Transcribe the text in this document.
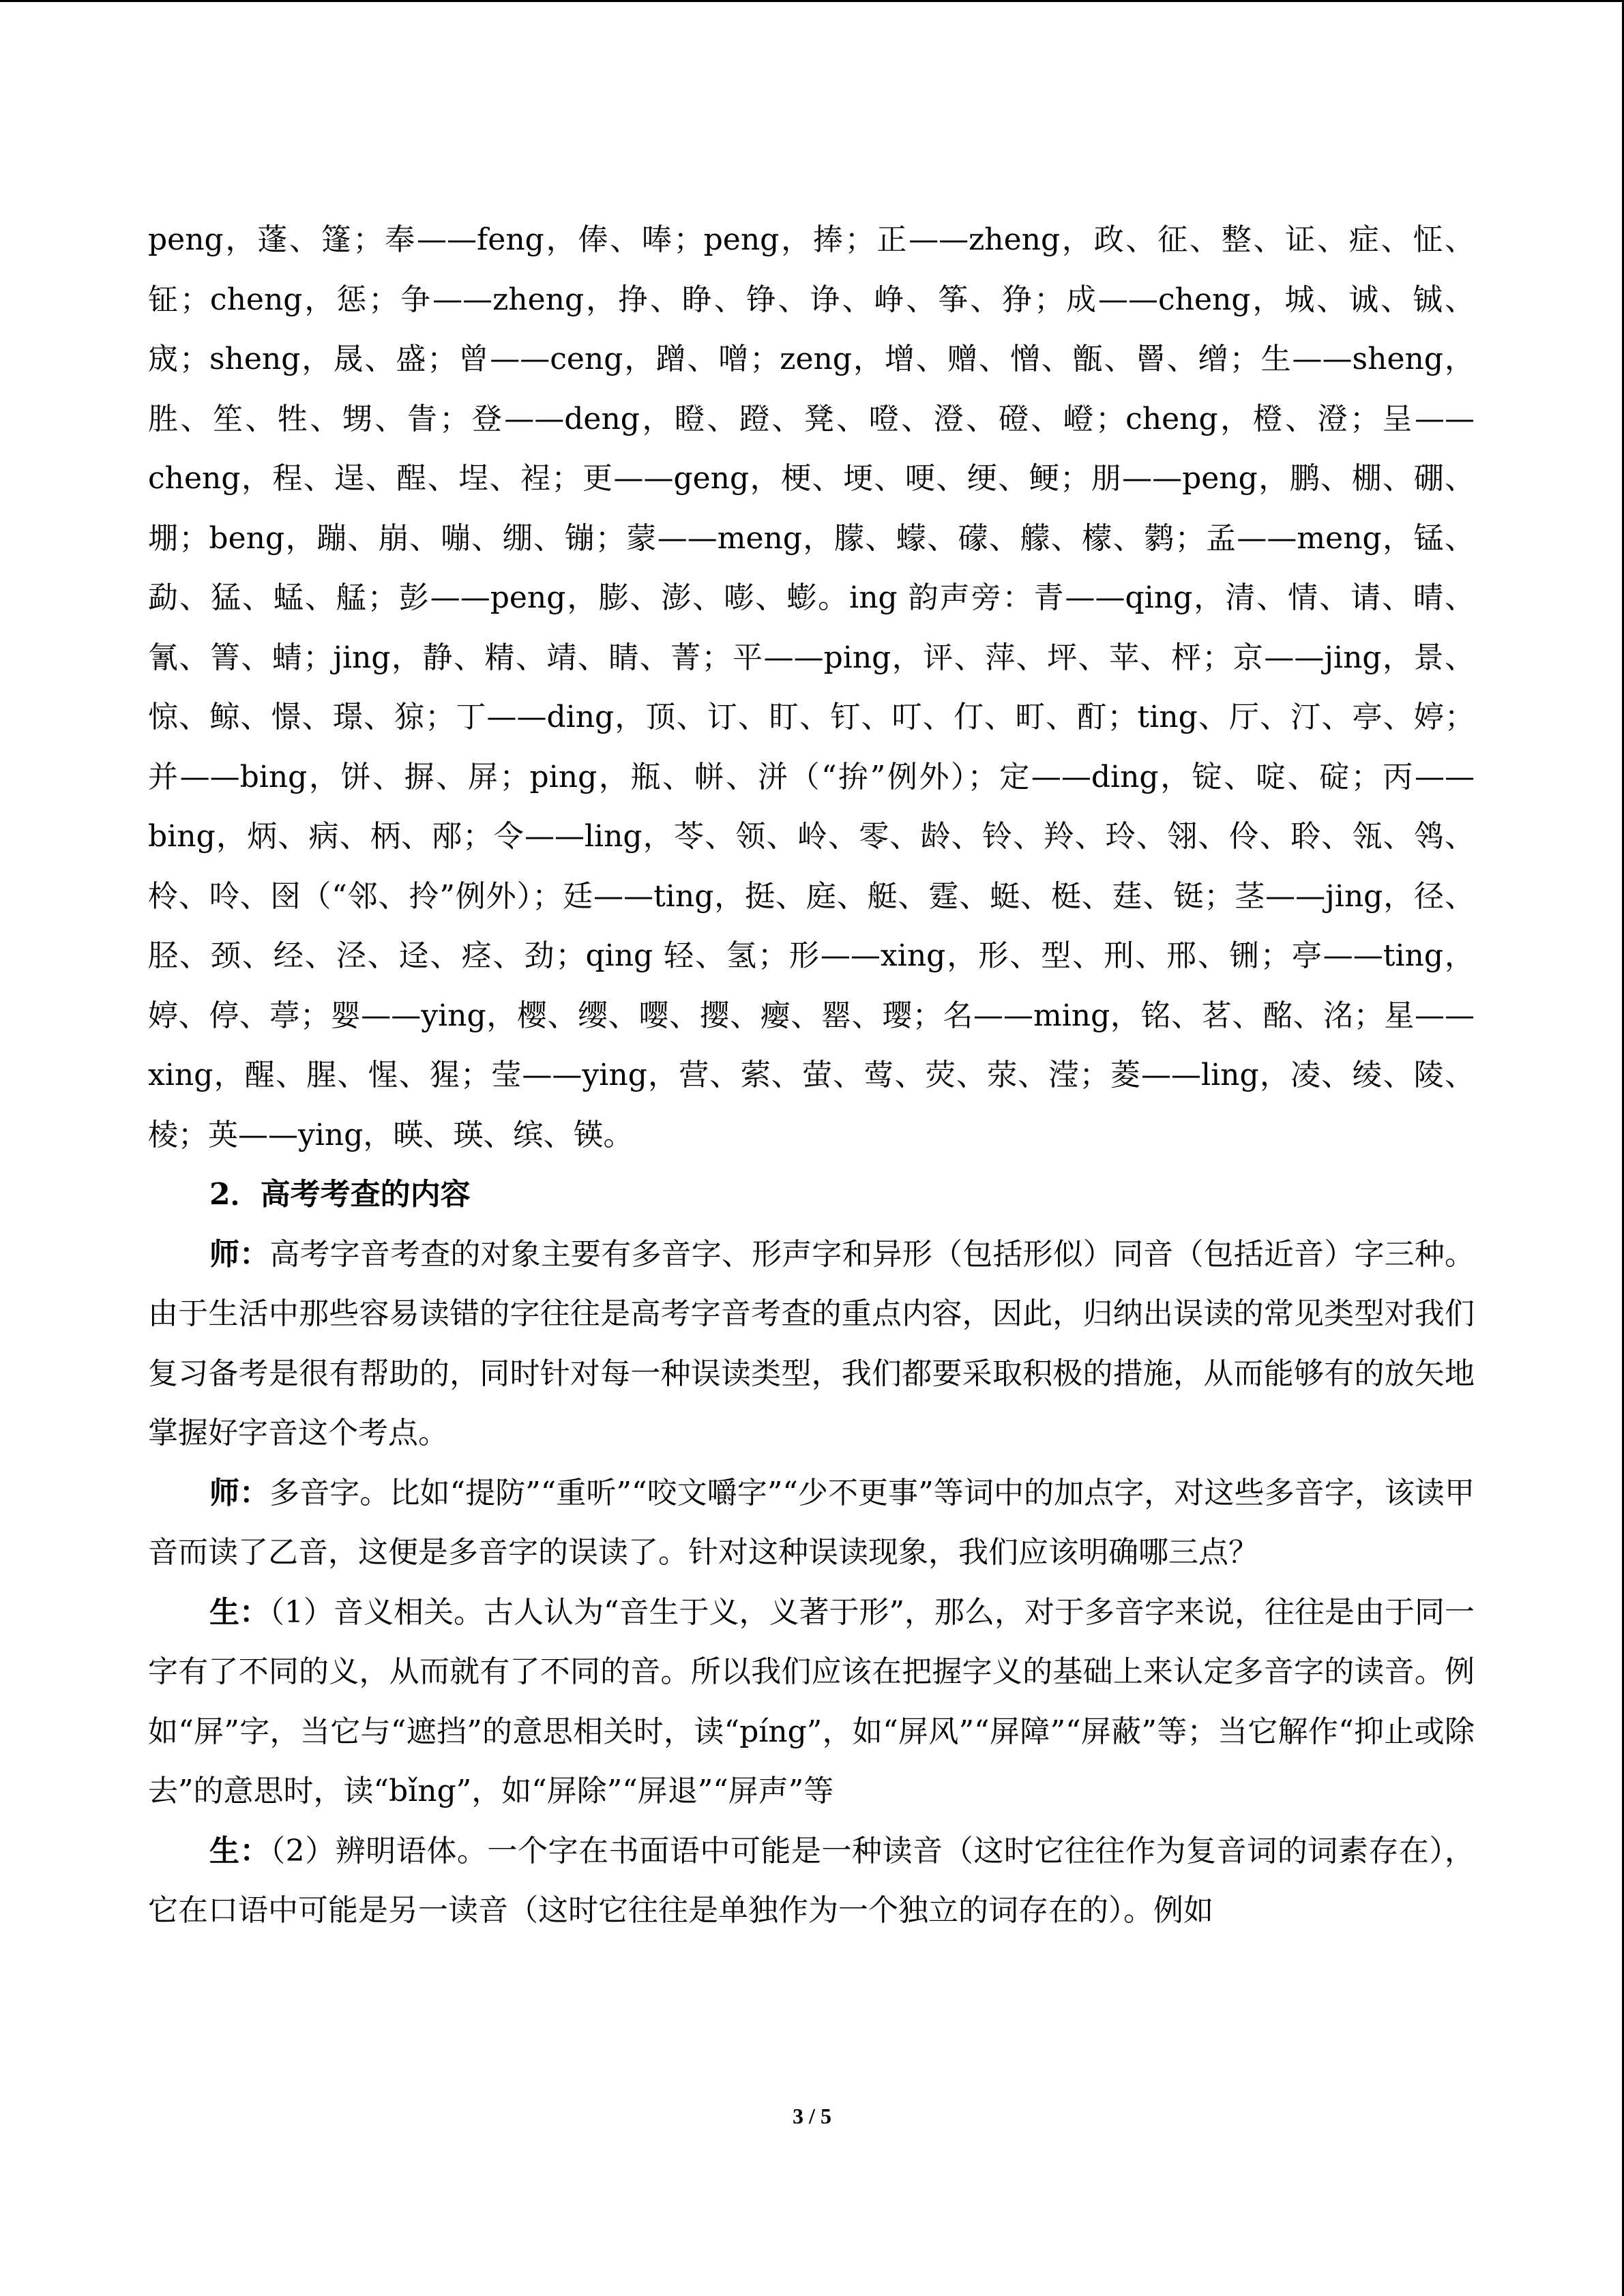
peng，蓬、篷；奉——feng，俸、唪；peng，捧；正——zheng，政、征、整、证、症、怔、钲；cheng，惩；争——zheng，挣、睁、铮、诤、峥、筝、狰；成——cheng，城、诚、铖、宬；sheng，晟、盛；曾——ceng，蹭、噌；zeng，增、赠、憎、甑、罾、缯；生——sheng，胜、笙、牲、甥、眚；登——deng，瞪、蹬、凳、噔、澄、磴、嶝；cheng，橙、澄；呈——cheng，程、逞、酲、埕、裎；更——geng，梗、埂、哽、绠、鲠；朋——peng，鹏、棚、硼、堋；beng，蹦、崩、嘣、绷、镚；蒙——meng，朦、蠓、礞、艨、檬、鹲；孟——meng，锰、勐、猛、蜢、艋；彭——peng，膨、澎、嘭、蟛。ing 韵声旁：青——qing，清、情、请、晴、氰、箐、蜻；jing，静、精、靖、睛、菁；平——ping，评、萍、坪、苹、枰；京——jing，景、惊、鲸、憬、璟、猄；丁——ding，顶、订、盯、钉、叮、仃、町、酊；ting、厅、汀、亭、婷；并——bing，饼、摒、屏；ping，瓶、帡、洴（“拚”例外）；定——ding，锭、啶、碇；丙——bing，炳、病、柄、邴；令——ling，苓、领、岭、零、龄、铃、羚、玲、翎、伶、聆、瓴、鸰、柃、呤、囹（“邻、拎”例外）；廷——ting，挺、庭、艇、霆、蜓、梃、莛、铤；茎——jing，径、胫、颈、经、泾、迳、痉、劲；qing 轻、氢；形——xing，形、型、刑、邢、铏；亭——ting，婷、停、葶；婴——ying，樱、缨、嘤、撄、瘿、罂、璎；名——ming，铭、茗、酩、洺；星——xing，醒、腥、惺、猩；莹——ying，营、萦、萤、莺、荧、荥、滢；菱——ling，凌、绫、陵、棱；英——ying，暎、瑛、缤、锳。

2．高考考查的内容

师：高考字音考查的对象主要有多音字、形声字和异形（包括形似）同音（包括近音）字三种。由于生活中那些容易读错的字往往是高考字音考查的重点内容，因此，归纳出误读的常见类型对我们复习备考是很有帮助的，同时针对每一种误读类型，我们都要采取积极的措施，从而能够有的放矢地掌握好字音这个考点。

师：多音字。比如“提防”“重听”“咬文嚼字”“少不更事”等词中的加点字，对这些多音字，该读甲音而读了乙音，这便是多音字的误读了。针对这种误读现象，我们应该明确哪三点？

生：（1）音义相关。古人认为“音生于义，义著于形”，那么，对于多音字来说，往往是由于同一字有了不同的义，从而就有了不同的音。所以我们应该在把握字义的基础上来认定多音字的读音。例如“屏”字，当它与“遮挡”的意思相关时，读“píng”，如“屏风”“屏障”“屏蔽”等；当它解作“抑止或除去”的意思时，读“bǐng”，如“屏除”“屏退”“屏声”等

生：（2）辨明语体。一个字在书面语中可能是一种读音（这时它往往作为复音词的词素存在），它在口语中可能是另一读音（这时它往往是单独作为一个独立的词存在的）。例如

3 / 5
